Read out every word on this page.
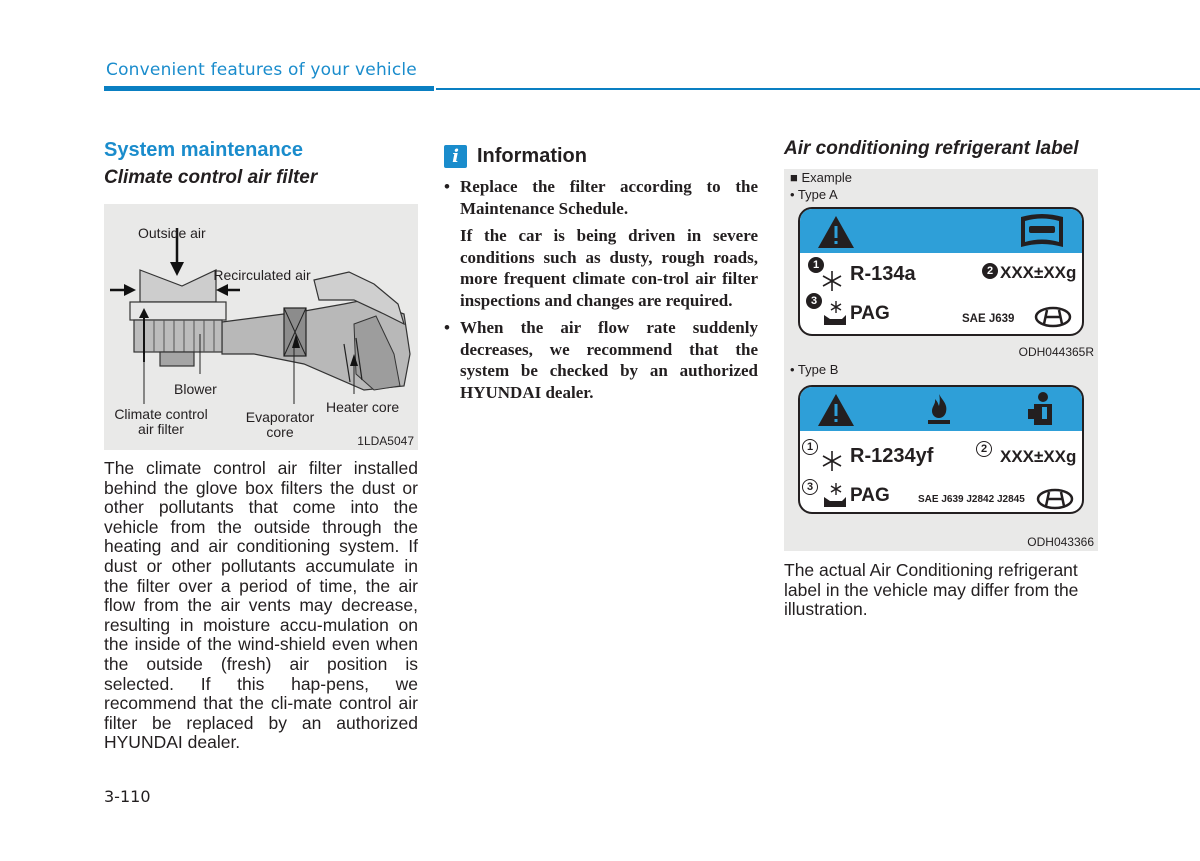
Convenient features of your vehicle
System maintenance
Climate control air filter
Outside air
Recirculated air
Blower
Climate control air filter
Evaporator core
Heater core
1LDA5047

The climate control air filter installed behind the glove box filters the dust or other pollutants that come into the vehicle from the outside through the heating and air conditioning system. If dust or other pollutants accumulate in the filter over a period of time, the air flow from the air vents may decrease, resulting in moisture accu-mulation on the inside of the wind-shield even when the outside (fresh) air position is selected. If this hap-pens, we recommend that the cli-mate control air filter be replaced by an authorized HYUNDAI dealer.

i Information
• Replace the filter according to the Maintenance Schedule.
If the car is being driven in severe conditions such as dusty, rough roads, more frequent climate con-trol air filter inspections and changes are required.
• When the air flow rate suddenly decreases, we recommend that the system be checked by an authorized HYUNDAI dealer.
Air conditioning refrigerant label
■ Example
• Type A
1 R-134a	2 XXX±XXg
3
PAG	SAE J639
ODH044365R
• Type B
1 R-1234yf	2 XXX±XXg
3 PAG	SAE J639 J2842 J2845
ODH043366

The actual Air Conditioning refrigerant label in the vehicle may differ from the illustration.

3-110
